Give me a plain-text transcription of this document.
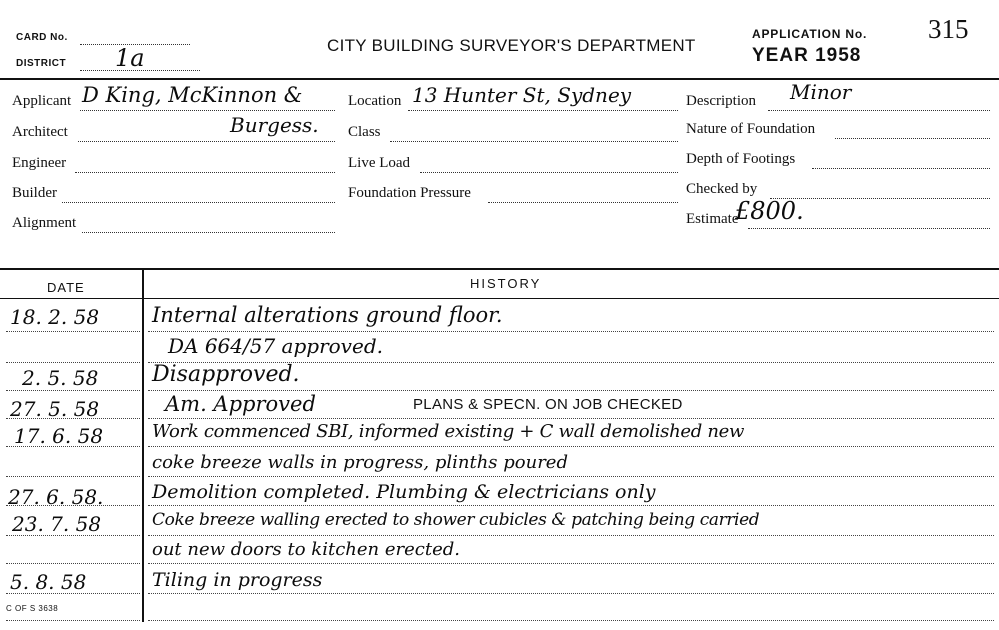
CARD No.
DISTRICT 1a	CITY BUILDING SURVEYOR'S DEPARTMENT
APPLICATION No. 315
YEAR 1958
Applicant D King, McKinnon &
Architect	Burgess.
Engineer
Builder
Alignment
Location 13 Hunter St, Sydney
Class
Live Load
Foundation Pressure
Description Minor
Nature of Foundation
Depth of Footings
Checked by
Estimate
£800.
DATE	HISTORY
18. 2. 58	Internal alterations ground floor.
DA 664/57 approved.
2. 5. 58 Disapproved.
27. 5. 58	Am. Approved	PLANS & SPECN. ON JOB CHECKED
17. 6. 58	Work commenced SBI, informed existing + C wall demolished new
coke breeze walls in progress, plinths poured
27. 6. 58.	Demolition completed. Plumbing & electricians only
23. 7. 58	Coke breeze walling erected to shower cubicles & patching being carried
out new doors to kitchen erected.
5. 8. 58	Tiling in progress
C OF S 3638
